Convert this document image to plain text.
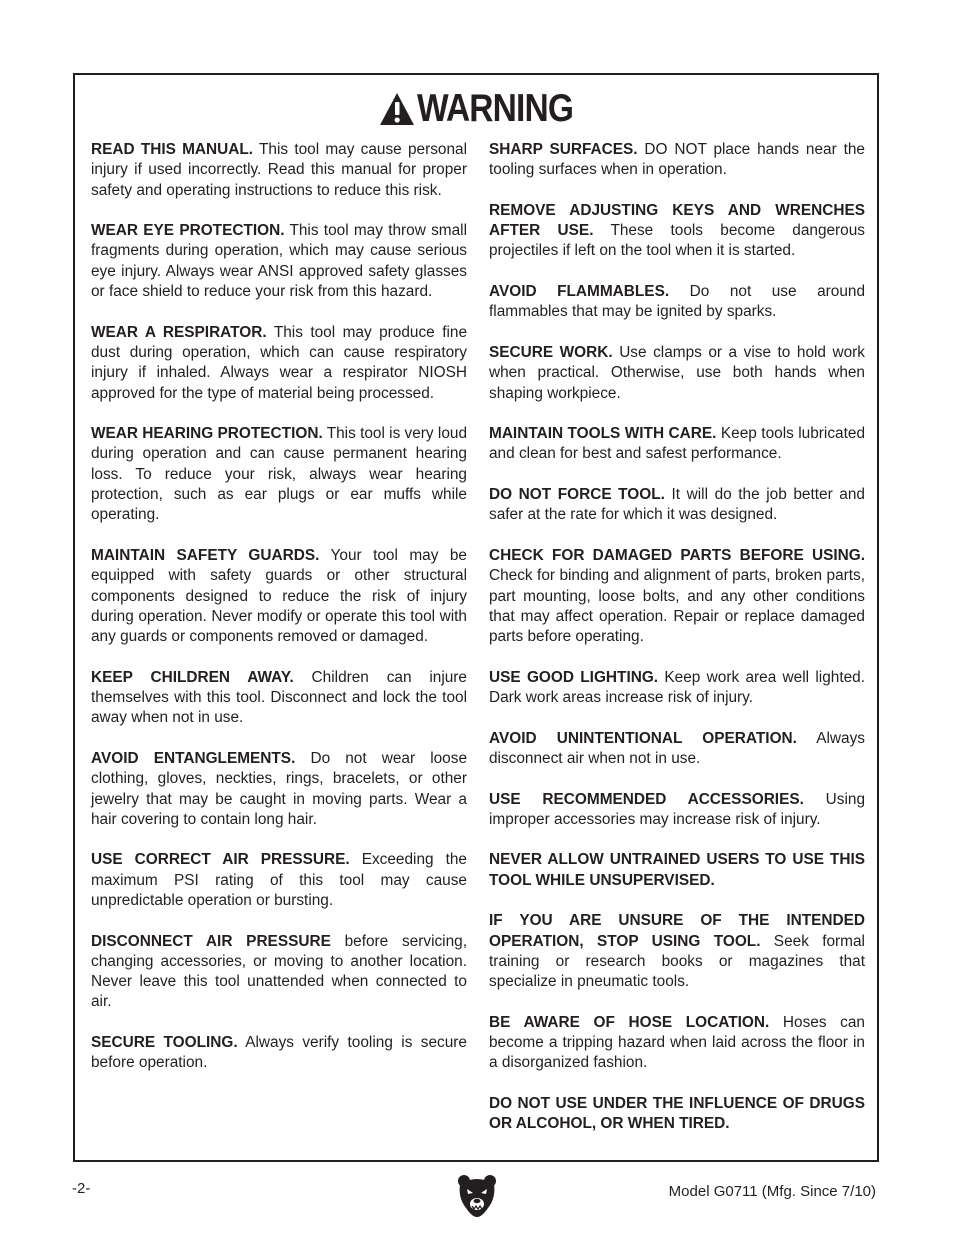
WARNING

READ THIS MANUAL. This tool may cause personal injury if used incorrectly. Read this manual for proper safety and operating instructions to reduce this risk.

WEAR EYE PROTECTION. This tool may throw small fragments during operation, which may cause serious eye injury. Always wear ANSI approved safety glasses or face shield to reduce your risk from this hazard.

WEAR A RESPIRATOR. This tool may produce fine dust during operation, which can cause respiratory injury if inhaled. Always wear a respirator NIOSH approved for the type of material being processed.

WEAR HEARING PROTECTION. This tool is very loud during operation and can cause permanent hearing loss. To reduce your risk, always wear hearing protection, such as ear plugs or ear muffs while operating.

MAINTAIN SAFETY GUARDS. Your tool may be equipped with safety guards or other structural components designed to reduce the risk of injury during operation. Never modify or operate this tool with any guards or components removed or damaged.

KEEP CHILDREN AWAY. Children can injure themselves with this tool. Disconnect and lock the tool away when not in use.

AVOID ENTANGLEMENTS. Do not wear loose clothing, gloves, neckties, rings, bracelets, or other jewelry that may be caught in moving parts. Wear a hair covering to contain long hair.

USE CORRECT AIR PRESSURE. Exceeding the maximum PSI rating of this tool may cause unpredictable operation or bursting.

DISCONNECT AIR PRESSURE before servicing, changing accessories, or moving to another location. Never leave this tool unattended when connected to air.

SECURE TOOLING. Always verify tooling is secure before operation.

SHARP SURFACES. DO NOT place hands near the tooling surfaces when in operation.

REMOVE ADJUSTING KEYS AND WRENCHES AFTER USE. These tools become dangerous projectiles if left on the tool when it is started.

AVOID FLAMMABLES. Do not use around flammables that may be ignited by sparks.

SECURE WORK. Use clamps or a vise to hold work when practical. Otherwise, use both hands when shaping workpiece.

MAINTAIN TOOLS WITH CARE. Keep tools lubricated and clean for best and safest performance.

DO NOT FORCE TOOL. It will do the job better and safer at the rate for which it was designed.

CHECK FOR DAMAGED PARTS BEFORE USING. Check for binding and alignment of parts, broken parts, part mounting, loose bolts, and any other conditions that may affect operation. Repair or replace damaged parts before operating.

USE GOOD LIGHTING. Keep work area well lighted. Dark work areas increase risk of injury.

AVOID UNINTENTIONAL OPERATION. Always disconnect air when not in use.

USE RECOMMENDED ACCESSORIES. Using improper accessories may increase risk of injury.

NEVER ALLOW UNTRAINED USERS TO USE THIS TOOL WHILE UNSUPERVISED.

IF YOU ARE UNSURE OF THE INTENDED OPERATION, STOP USING TOOL. Seek formal training or research books or magazines that specialize in pneumatic tools.

BE AWARE OF HOSE LOCATION. Hoses can become a tripping hazard when laid across the floor in a disorganized fashion.

DO NOT USE UNDER THE INFLUENCE OF DRUGS OR ALCOHOL, OR WHEN TIRED.

-2-	Model G0711 (Mfg. Since 7/10)
